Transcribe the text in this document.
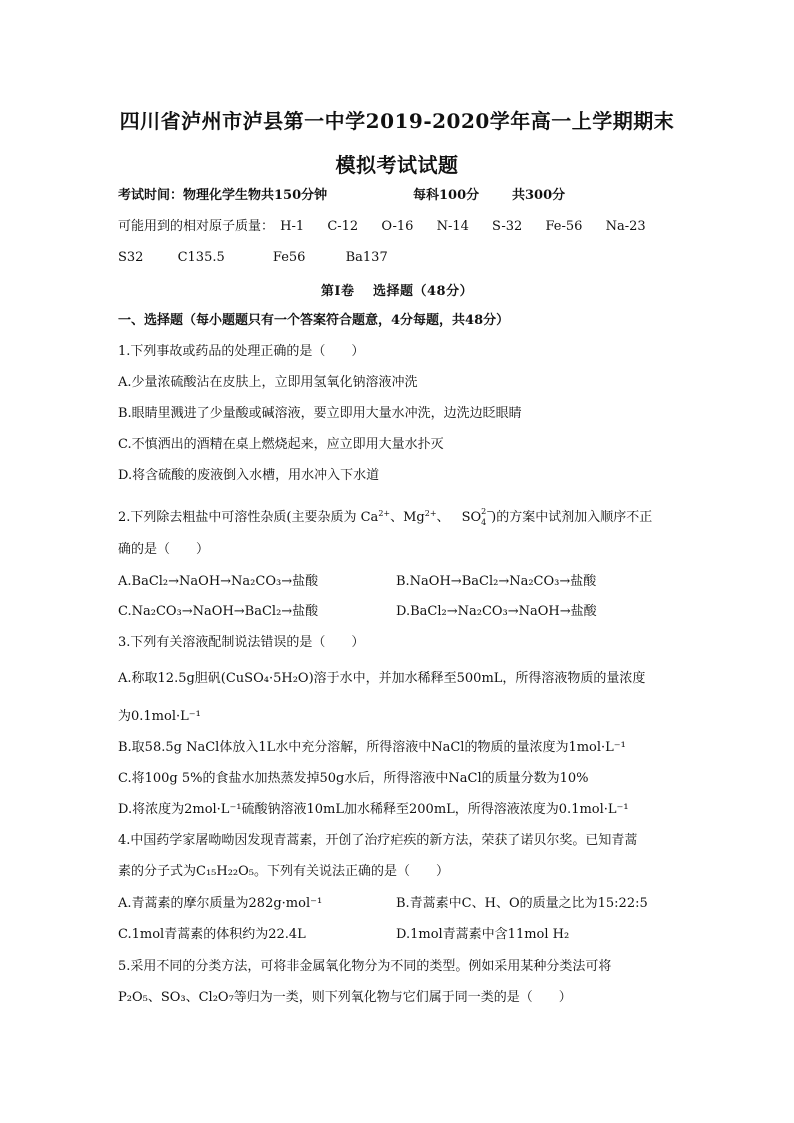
四川省泸州市泸县第一中学2019-2020学年高一上学期期末
模拟考试试题
考试时间：物理化学生物共150分钟	每科100分	共300分
可能用到的相对原子质量： H-1 C-12 O-16 N-14 S-32 Fe-56 Na-23
S32	C135.5	Fe56	Ba137
第Ⅰ卷　 选择题（48分）
一、选择题（每小题题只有一个答案符合题意，4分每题，共48分）
1.下列事故或药品的处理正确的是（　　）
A.少量浓硫酸沾在皮肤上，立即用氢氧化钠溶液冲洗
B.眼睛里溅进了少量酸或碱溶液，要立即用大量水冲洗，边洗边眨眼睛
C.不慎洒出的酒精在桌上燃烧起来，应立即用大量水扑灭
D.将含硫酸的废液倒入水槽，用水冲入下水道
2.下列除去粗盐中可溶性杂质(主要杂质为 $Ca^{2+}$、$Mg^{2+}$、 SO 2−
4 )的方案中试剂加入顺序不正
确的是（　　）
A.BaCl₂→NaOH→Na₂CO₃→盐酸	B.NaOH→BaCl₂→Na₂CO₃→盐酸
C.Na₂CO₃→NaOH→BaCl₂→盐酸	D.BaCl₂→Na₂CO₃→NaOH→盐酸
3.下列有关溶液配制说法错误的是（　　）
A.称取12.5g胆矾(CuSO₄·5H₂O)溶于水中，并加水稀释至500mL，所得溶液物质的量浓度
为0.1mol·L⁻¹
B.取58.5g NaCl体放入1L水中充分溶解，所得溶液中NaCl的物质的量浓度为1mol·L⁻¹
C.将100g 5%的食盐水加热蒸发掉50g水后，所得溶液中NaCl的质量分数为10%
D.将浓度为2mol·L⁻¹硫酸钠溶液10mL加水稀释至200mL，所得溶液浓度为0.1mol·L⁻¹
4.中国药学家屠呦呦因发现青蒿素，开创了治疗疟疾的新方法，荣获了诺贝尔奖。已知青蒿
素的分子式为C₁₅H₂₂O₅。下列有关说法正确的是（　　）
A.青蒿素的摩尔质量为282g·mol⁻¹	B.青蒿素中C、H、O的质量之比为15:22:5
C.1mol青蒿素的体积约为22.4L	D.1mol青蒿素中含11mol H₂
5.采用不同的分类方法，可将非金属氧化物分为不同的类型。例如采用某种分类法可将
P₂O₅、SO₃、Cl₂O₇等归为一类，则下列氧化物与它们属于同一类的是（　　）
